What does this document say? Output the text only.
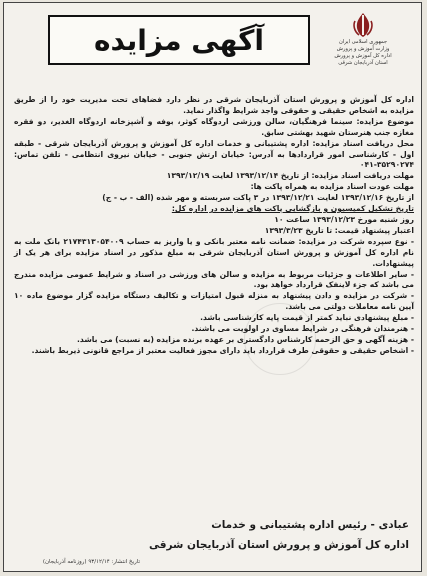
جمهوری اسلامی ایران
وزارت آموزش و پرورش
اداره کل آموزش و پرورش
استان آذربایجان شرقی
آگهی مزایده

اداره کل آموزش و پرورش استان آذربایجان شرقی در نظر دارد فضاهای تحت مدیریت خود را از طریق مزایده به اشخاص حقیقی و حقوقی واجد شرایط واگذار نماید.

موضوع مزایده: سینما فرهنگیان، سالن ورزشی اردوگاه کوثر، بوفه و آشپزخانه اردوگاه الغدیر، دو فقره مغازه جنب هنرستان شهید بهشتی سابق.

محل دریافت اسناد مزایده: اداره پشتیبانی و خدمات اداره کل آموزش و پرورش آذربایجان شرقی - طبقه اول - کارشناسی امور قراردادها به آدرس: خیابان ارتش جنوبی - خیابان نیروی انتظامی - تلفن تماس: ۳۵۲۹۰۲۷۴-۰۴۱

مهلت دریافت اسناد مزایده: از تاریخ ۱۳۹۳/۱۲/۱۴ لغایت ۱۳۹۳/۱۲/۱۹

مهلت عودت اسناد مزایده به همراه پاکت ها:

از تاریخ ۱۳۹۳/۱۲/۱۶ لغایت ۱۳۹۳/۱۲/۲۱ در ۳ پاکت سربسته و مهر شده (الف - ب - ج)

تاریخ تشکیل کمیسیون و بازگشایی پاکت های مزایده در اداره کل:

روز شنبه مورخ ۱۳۹۳/۱۲/۲۳ ساعت ۱۰

اعتبار پیشنهاد قیمت: تا تاریخ ۱۳۹۳/۳/۲۳

- نوع سپرده شرکت در مزایده: ضمانت نامه معتبر بانکی و یا واریز به حساب ۲۱۷۴۳۱۳۰۵۴۰۰۹ بانک ملت به نام اداره کل آموزش و پرورش استان آذربایجان شرقی به مبلغ مذکور در اسناد مزایده برای هر یک از پیشنهادات.

- سایر اطلاعات و جزئیات مربوط به مزایده و سالن های ورزشی در اسناد و شرایط عمومی مزایده مندرج می باشد که جزء لاینفک قرارداد خواهد بود.

- شرکت در مزایده و دادن پیشنهاد به منزله قبول امتیازات و تکالیف دستگاه مزایده گزار موضوع ماده ۱۰ آیین نامه معاملات دولتی می باشد.

- مبلغ پیشنهادی نباید کمتر از قیمت پایه کارشناسی باشد.

- هنرمندان فرهنگی در شرایط مساوی در اولویت می باشند.

- هزینه آگهی و حق الزحمه کارشناس دادگستری بر عهده برنده مزایده (به نسبت) می باشد.

- اشخاص حقیقی و حقوقی طرف قرارداد باید دارای مجوز فعالیت معتبر از مراجع قانونی ذیربط باشند.

عبادی - رئیس اداره پشتیبانی و خدمات
اداره کل آموزش و پرورش استان آذربایجان شرقی
تاریخ انتشار: ۹۳/۱۲/۱۴ (روزنامه آذربایجان)
